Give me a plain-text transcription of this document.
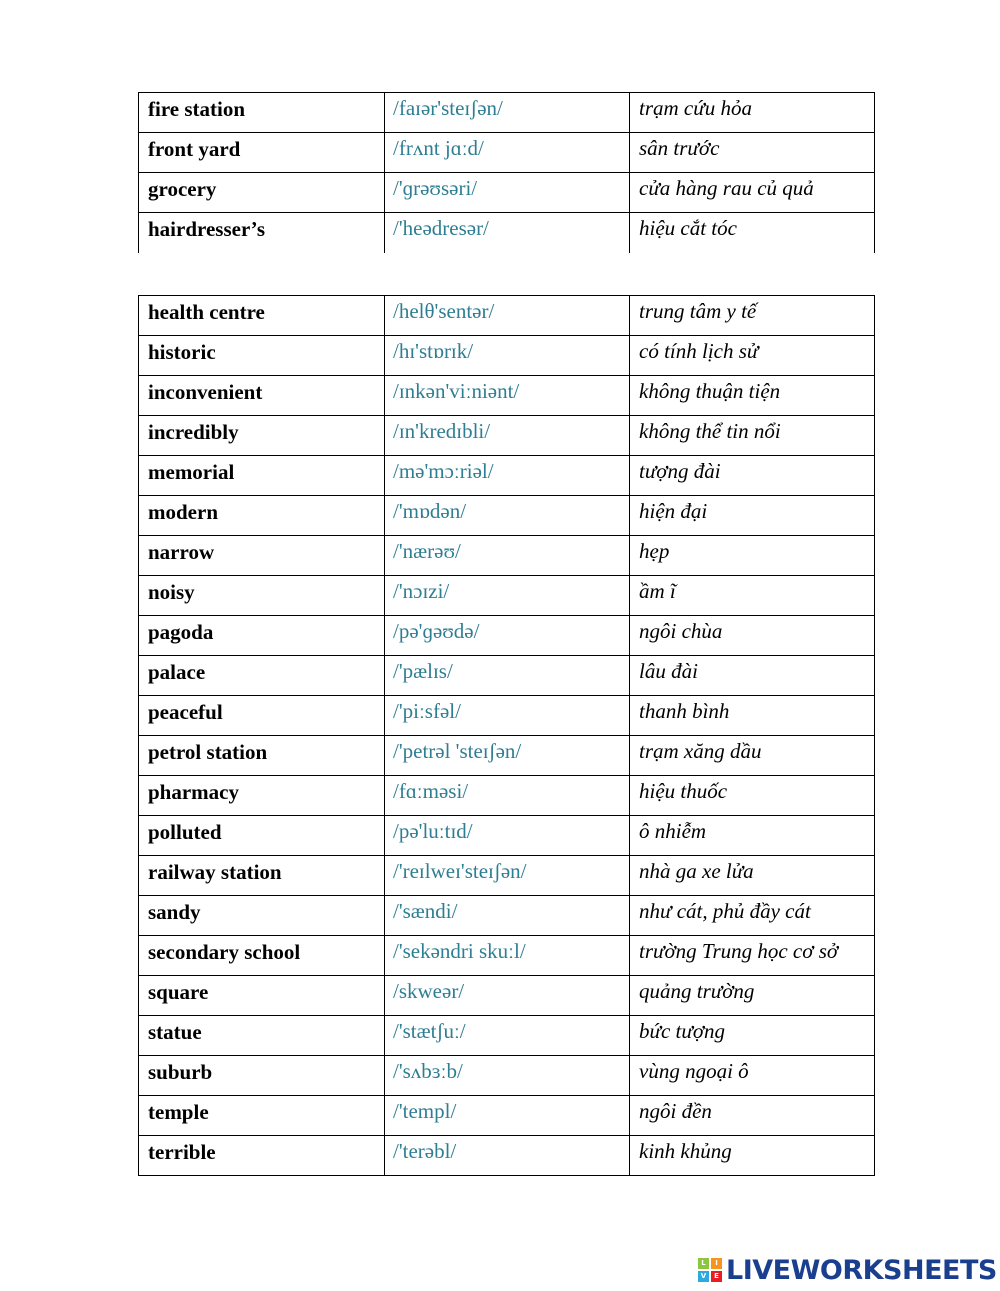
fire station	/faɪər'steɪʃən/	trạm cứu hỏa
front yard	/frʌnt jɑːd/	sân trước
grocery	/'ɡrəʊsəri/	cửa hàng rau củ quả
hairdresser’s	/'heədresər/	hiệu cắt tóc
health centre	/helθ'sentər/	trung tâm y tế
historic	/hɪ'stɒrɪk/	có tính lịch sử
inconvenient	/ɪnkən'viːniənt/	không thuận tiện
incredibly	/ɪn'kredɪbli/	không thể tin nổi
memorial	/mə'mɔːriəl/	tượng đài
modern	/'mɒdən/	hiện đại
narrow	/'nærəʊ/	hẹp
noisy	/'nɔɪzi/	ầm ĩ
pagoda	/pə'ɡəʊdə/	ngôi chùa
palace	/'pælɪs/	lâu đài
peaceful	/'piːsfəl/	thanh bình
petrol station	/'petrəl 'steɪʃən/	trạm xăng dầu
pharmacy	/fɑːməsi/	hiệu thuốc
polluted	/pə'luːtɪd/	ô nhiễm
railway station	/'reɪlweɪ'steɪʃən/	nhà ga xe lửa
sandy	/'sændi/	như cát, phủ đầy cát
secondary school	/'sekəndri skuːl/	trường Trung học cơ sở
square	/skweər/	quảng trường
statue	/'stætʃuː/	bức tượng
suburb	/'sʌbɜːb/	vùng ngoại ô
temple	/'templ/	ngôi đền
terrible	/'terəbl/	kinh khủng
L	I
V	E LIVEWORKSHEETS
